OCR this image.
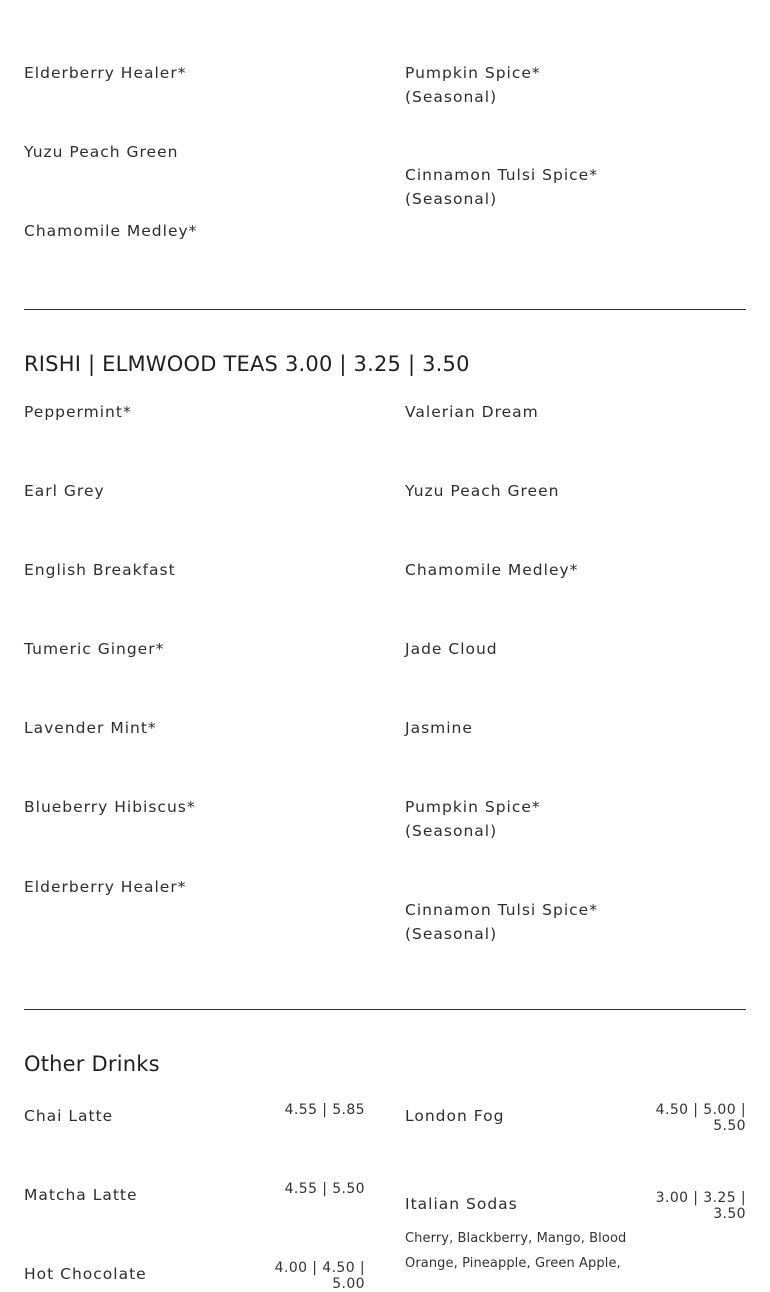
Elderberry Healer*
Yuzu Peach Green
Chamomile Medley*
Pumpkin Spice*
(Seasonal)
Cinnamon Tulsi Spice*
(Seasonal)
RISHI | ELMWOOD TEAS 3.00 | 3.25 | 3.50
Peppermint*
Earl Grey
English Breakfast
Tumeric Ginger*
Lavender Mint*
Blueberry Hibiscus*
Elderberry Healer*
Valerian Dream
Yuzu Peach Green
Chamomile Medley*
Jade Cloud
Jasmine
Pumpkin Spice*
(Seasonal)
Cinnamon Tulsi Spice*
(Seasonal)
Other Drinks
Chai Latte	4.55 | 5.85
Matcha Latte	4.55 | 5.50
Hot Chocolate	4.00 | 4.50 |
5.00
London Fog	4.50 | 5.00 |
5.50
Italian Sodas	3.00 | 3.25 |
3.50
Cherry, Blackberry, Mango, Blood
Orange, Pineapple, Green Apple,
